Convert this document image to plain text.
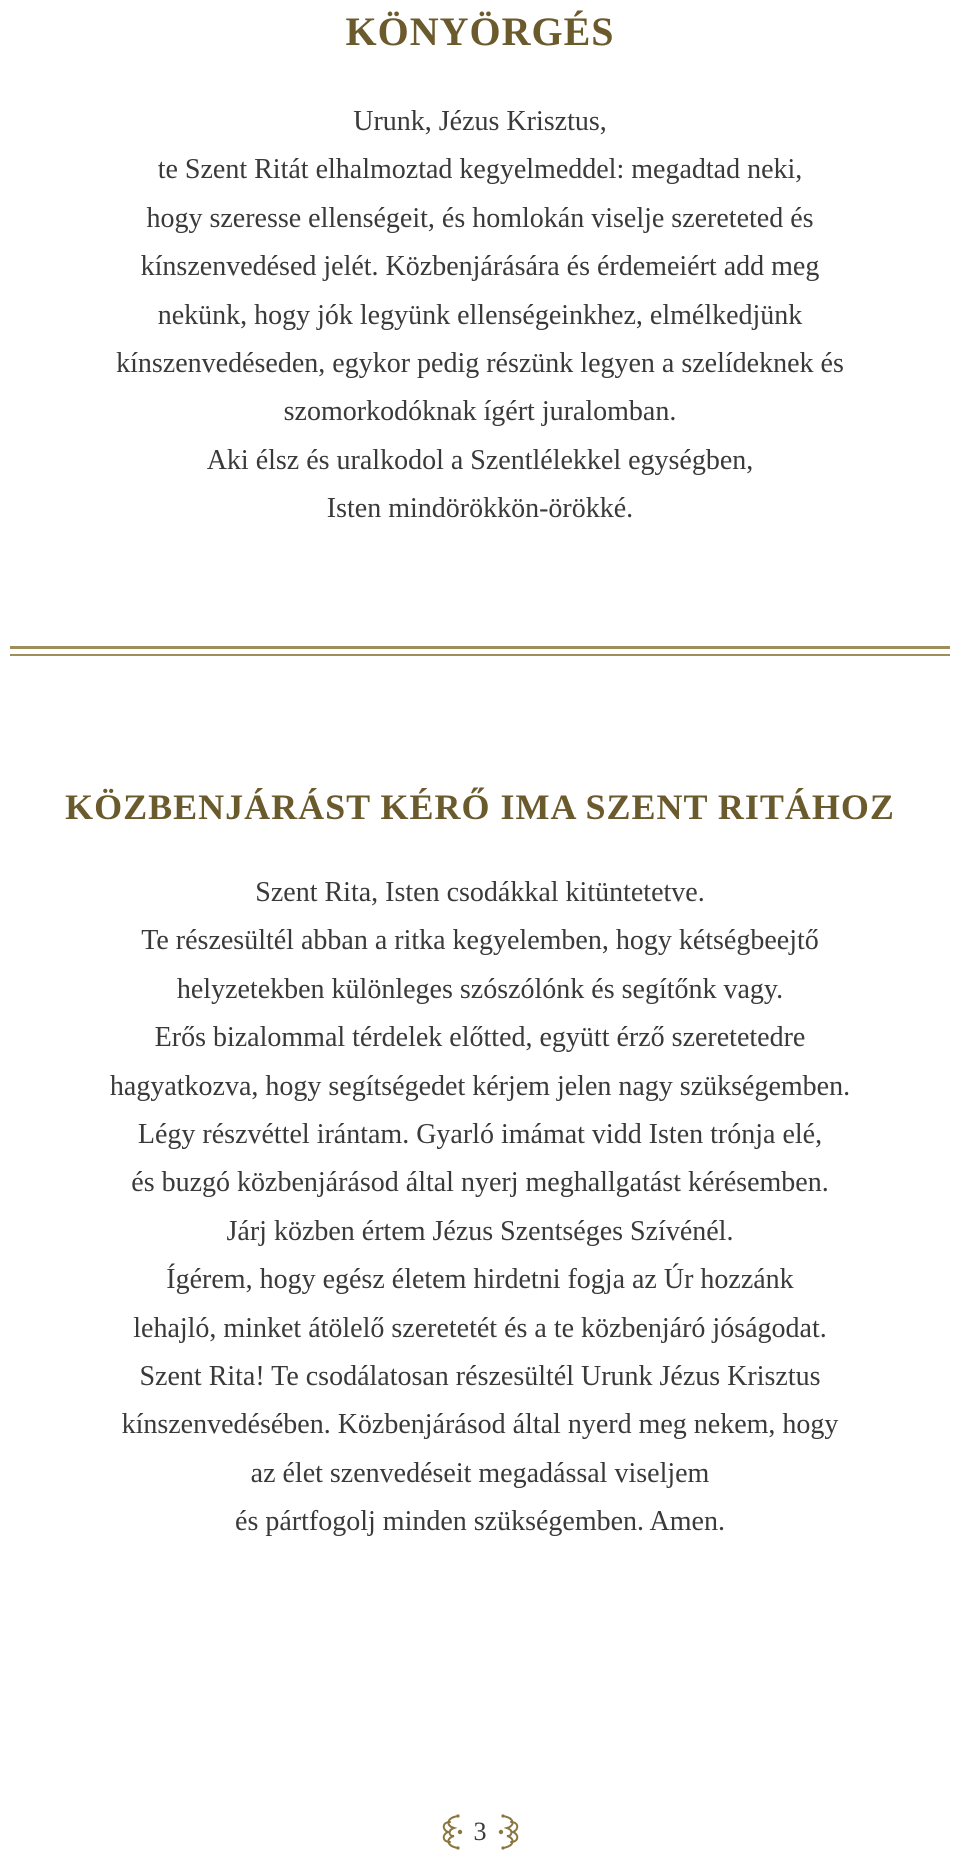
KÖNYÖRGÉS
Urunk, Jézus Krisztus,
te Szent Ritát elhalmoztad kegyelmeddel: megadtad neki,
hogy szeresse ellenségeit, és homlokán viselje szereteted és
kínszenvedésed jelét. Közbenjárására és érdemeiért add meg
nekünk, hogy jók legyünk ellenségeinkhez, elmélkedjünk
kínszenvedéseden, egykor pedig részünk legyen a szelídeknek és
szomorkodóknak ígért juralomban.
Aki élsz és uralkodol a Szentlélekkel egységben,
Isten mindörökkön-örökké.
KÖZBENJÁRÁST KÉRŐ IMA SZENT RITÁHOZ
Szent Rita, Isten csodákkal kitüntetetve.
Te részesültél abban a ritka kegyelemben, hogy kétségbeejtő
helyzetekben különleges szószólónk és segítőnk vagy.
Erős bizalommal térdelek előtted, együtt érző szeretetedre
hagyatkozva, hogy segítségedet kérjem jelen nagy szükségemben.
Légy részvéttel irántam. Gyarló imámat vidd Isten trónja elé,
és buzgó közbenjárásod által nyerj meghallgatást kérésemben.
Járj közben értem Jézus Szentséges Szívénél.
Ígérem, hogy egész életem hirdetni fogja az Úr hozzánk
lehajló, minket átölelő szeretetét és a te közbenjáró jóságodat.
Szent Rita! Te csodálatosan részesültél Urunk Jézus Krisztus
kínszenvedésében. Közbenjárásod által nyerd meg nekem, hogy
az élet szenvedéseit megadással viseljem
és pártfogolj minden szükségemben. Amen.
3
